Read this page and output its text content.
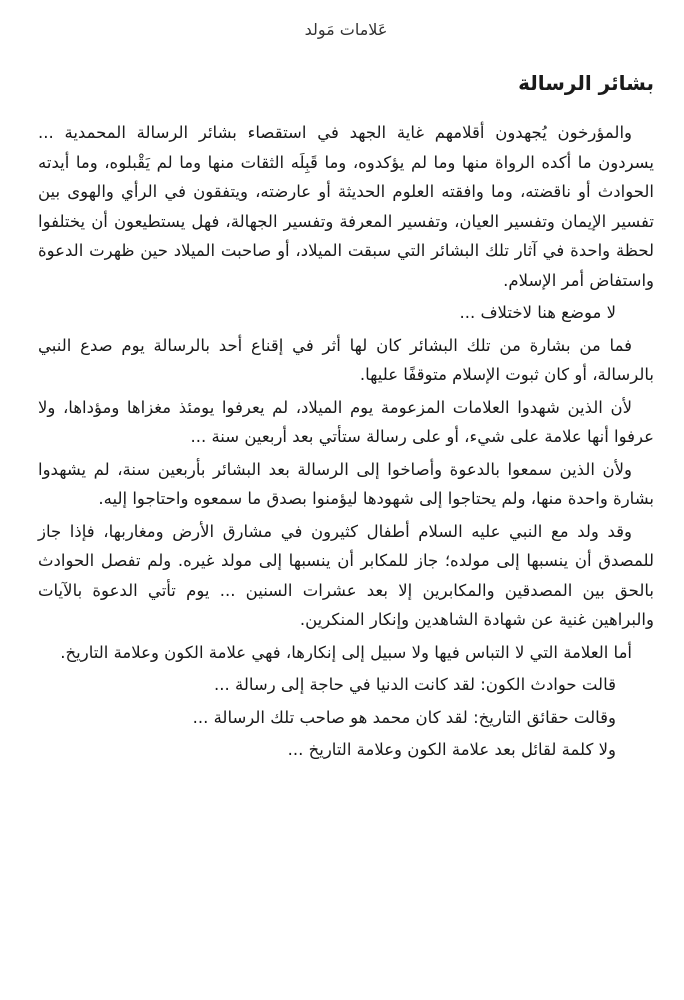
عَلامات مَولد
بشائر الرسالة

والمؤرخون يُجهدون أقلامهم غاية الجهد في استقصاء بشائر الرسالة المحمدية ... يسردون ما أكده الرواة منها وما لم يؤكدوه، وما قَبِلَه الثقات منها وما لم يَقْبلوه، وما أيدته الحوادث أو ناقضته، وما وافقته العلوم الحديثة أو عارضته، ويتفقون في الرأي والهوى بين تفسير الإيمان وتفسير العيان، وتفسير المعرفة وتفسير الجهالة، فهل يستطيعون أن يختلفوا لحظة واحدة في آثار تلك البشائر التي سبقت الميلاد، أو صاحبت الميلاد حين ظهرت الدعوة واستفاض أمر الإسلام.

لا موضع هنا لاختلاف ...

فما من بشارة من تلك البشائر كان لها أثر في إقناع أحد بالرسالة يوم صدع النبي بالرسالة، أو كان ثبوت الإسلام متوقفًا عليها.

لأن الذين شهدوا العلامات المزعومة يوم الميلاد، لم يعرفوا يومئذ مغزاها ومؤداها، ولا عرفوا أنها علامة على شيء، أو على رسالة ستأتي بعد أربعين سنة ...

ولأن الذين سمعوا بالدعوة وأصاخوا إلى الرسالة بعد البشائر بأربعين سنة، لم يشهدوا بشارة واحدة منها، ولم يحتاجوا إلى شهودها ليؤمنوا بصدق ما سمعوه واحتاجوا إليه.

وقد ولد مع النبي عليه السلام أطفال كثيرون في مشارق الأرض ومغاربها، فإذا جاز للمصدق أن ينسبها إلى مولده؛ جاز للمكابر أن ينسبها إلى مولد غيره. ولم تفصل الحوادث بالحق بين المصدقين والمكابرين إلا بعد عشرات السنين ... يوم تأتي الدعوة بالآيات والبراهين غنية عن شهادة الشاهدين وإنكار المنكرين.

أما العلامة التي لا التباس فيها ولا سبيل إلى إنكارها، فهي علامة الكون وعلامة التاريخ.

قالت حوادث الكون: لقد كانت الدنيا في حاجة إلى رسالة ...

وقالت حقائق التاريخ: لقد كان محمد هو صاحب تلك الرسالة ...

ولا كلمة لقائل بعد علامة الكون وعلامة التاريخ ...
